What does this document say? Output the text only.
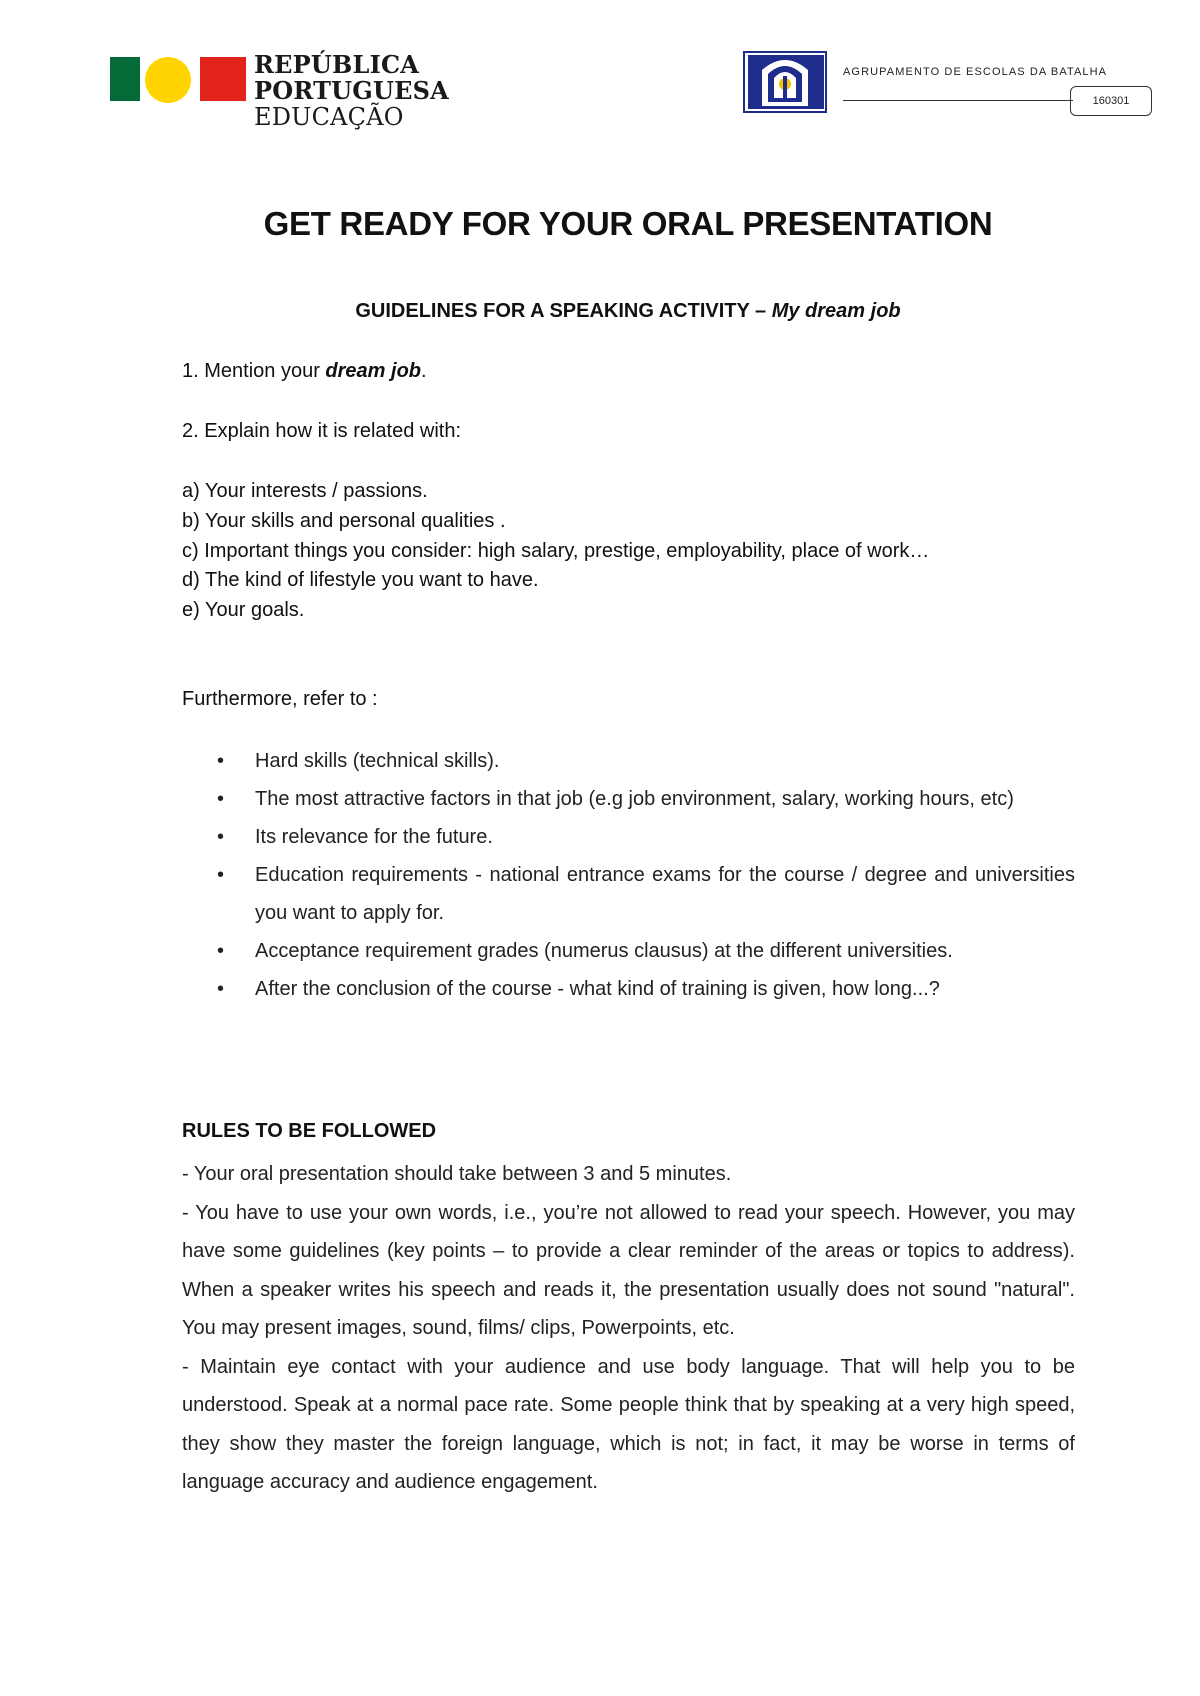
REPÚBLICA
PORTUGUESA
EDUCAÇÃO
AGRUPAMENTO DE ESCOLAS DA BATALHA
160301
GET READY FOR YOUR ORAL PRESENTATION
GUIDELINES FOR A SPEAKING ACTIVITY – My dream job
1. Mention your dream job.
2. Explain how it is related with:
a) Your interests / passions.
b) Your skills and personal qualities .
c) Important things you consider: high salary, prestige, employability, place of work…
d) The kind of lifestyle you want to have.
e) Your goals.
Furthermore, refer to :
• Hard skills (technical skills).
• The most attractive factors in that job (e.g job environment, salary, working hours, etc)
• Its relevance for the future.
• Education requirements - national entrance exams for the course / degree and universities you want to apply for.
• Acceptance requirement grades (numerus clausus) at the different universities.
• After the conclusion of the course - what kind of training is given, how long...?
RULES TO BE FOLLOWED

- Your oral presentation should take between 3 and 5 minutes.

- You have to use your own words, i.e., you’re not allowed to read your speech. However, you may have some guidelines (key points – to provide a clear reminder of the areas or topics to address). When a speaker writes his speech and reads it, the presentation usually does not sound "natural". You may present images, sound, films/ clips, Powerpoints, etc.

- Maintain eye contact with your audience and use body language. That will help you to be understood. Speak at a normal pace rate. Some people think that by speaking at a very high speed, they show they master the foreign language, which is not; in fact, it may be worse in terms of language accuracy and audience engagement.
